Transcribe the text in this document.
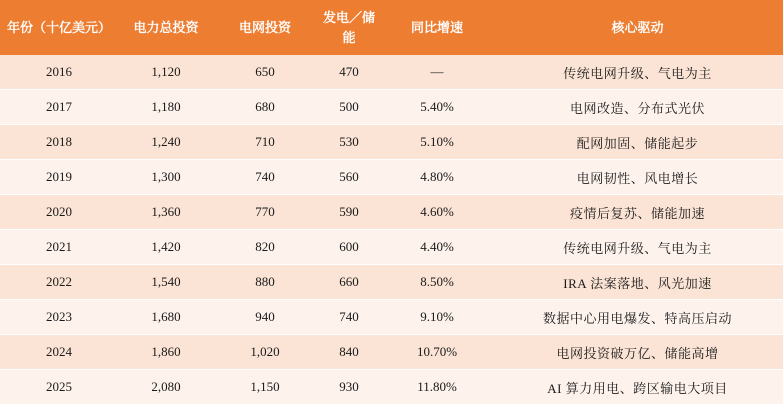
年份（十亿美元）	电力总投资	电网投资	发电／储能	同比增速	核心驱动
2016	1,120	650	470	—	传统电网升级、气电为主
2017	1,180	680	500	5.40%	电网改造、分布式光伏
2018	1,240	710	530	5.10%	配网加固、储能起步
2019	1,300	740	560	4.80%	电网韧性、风电增长
2020	1,360	770	590	4.60%	疫情后复苏、储能加速
2021	1,420	820	600	4.40%	传统电网升级、气电为主
2022	1,540	880	660	8.50%	IRA 法案落地、风光加速
2023	1,680	940	740	9.10%	数据中心用电爆发、特高压启动
2024	1,860	1,020	840	10.70%	电网投资破万亿、储能高增
2025	2,080	1,150	930	11.80%	AI 算力用电、跨区输电大项目
